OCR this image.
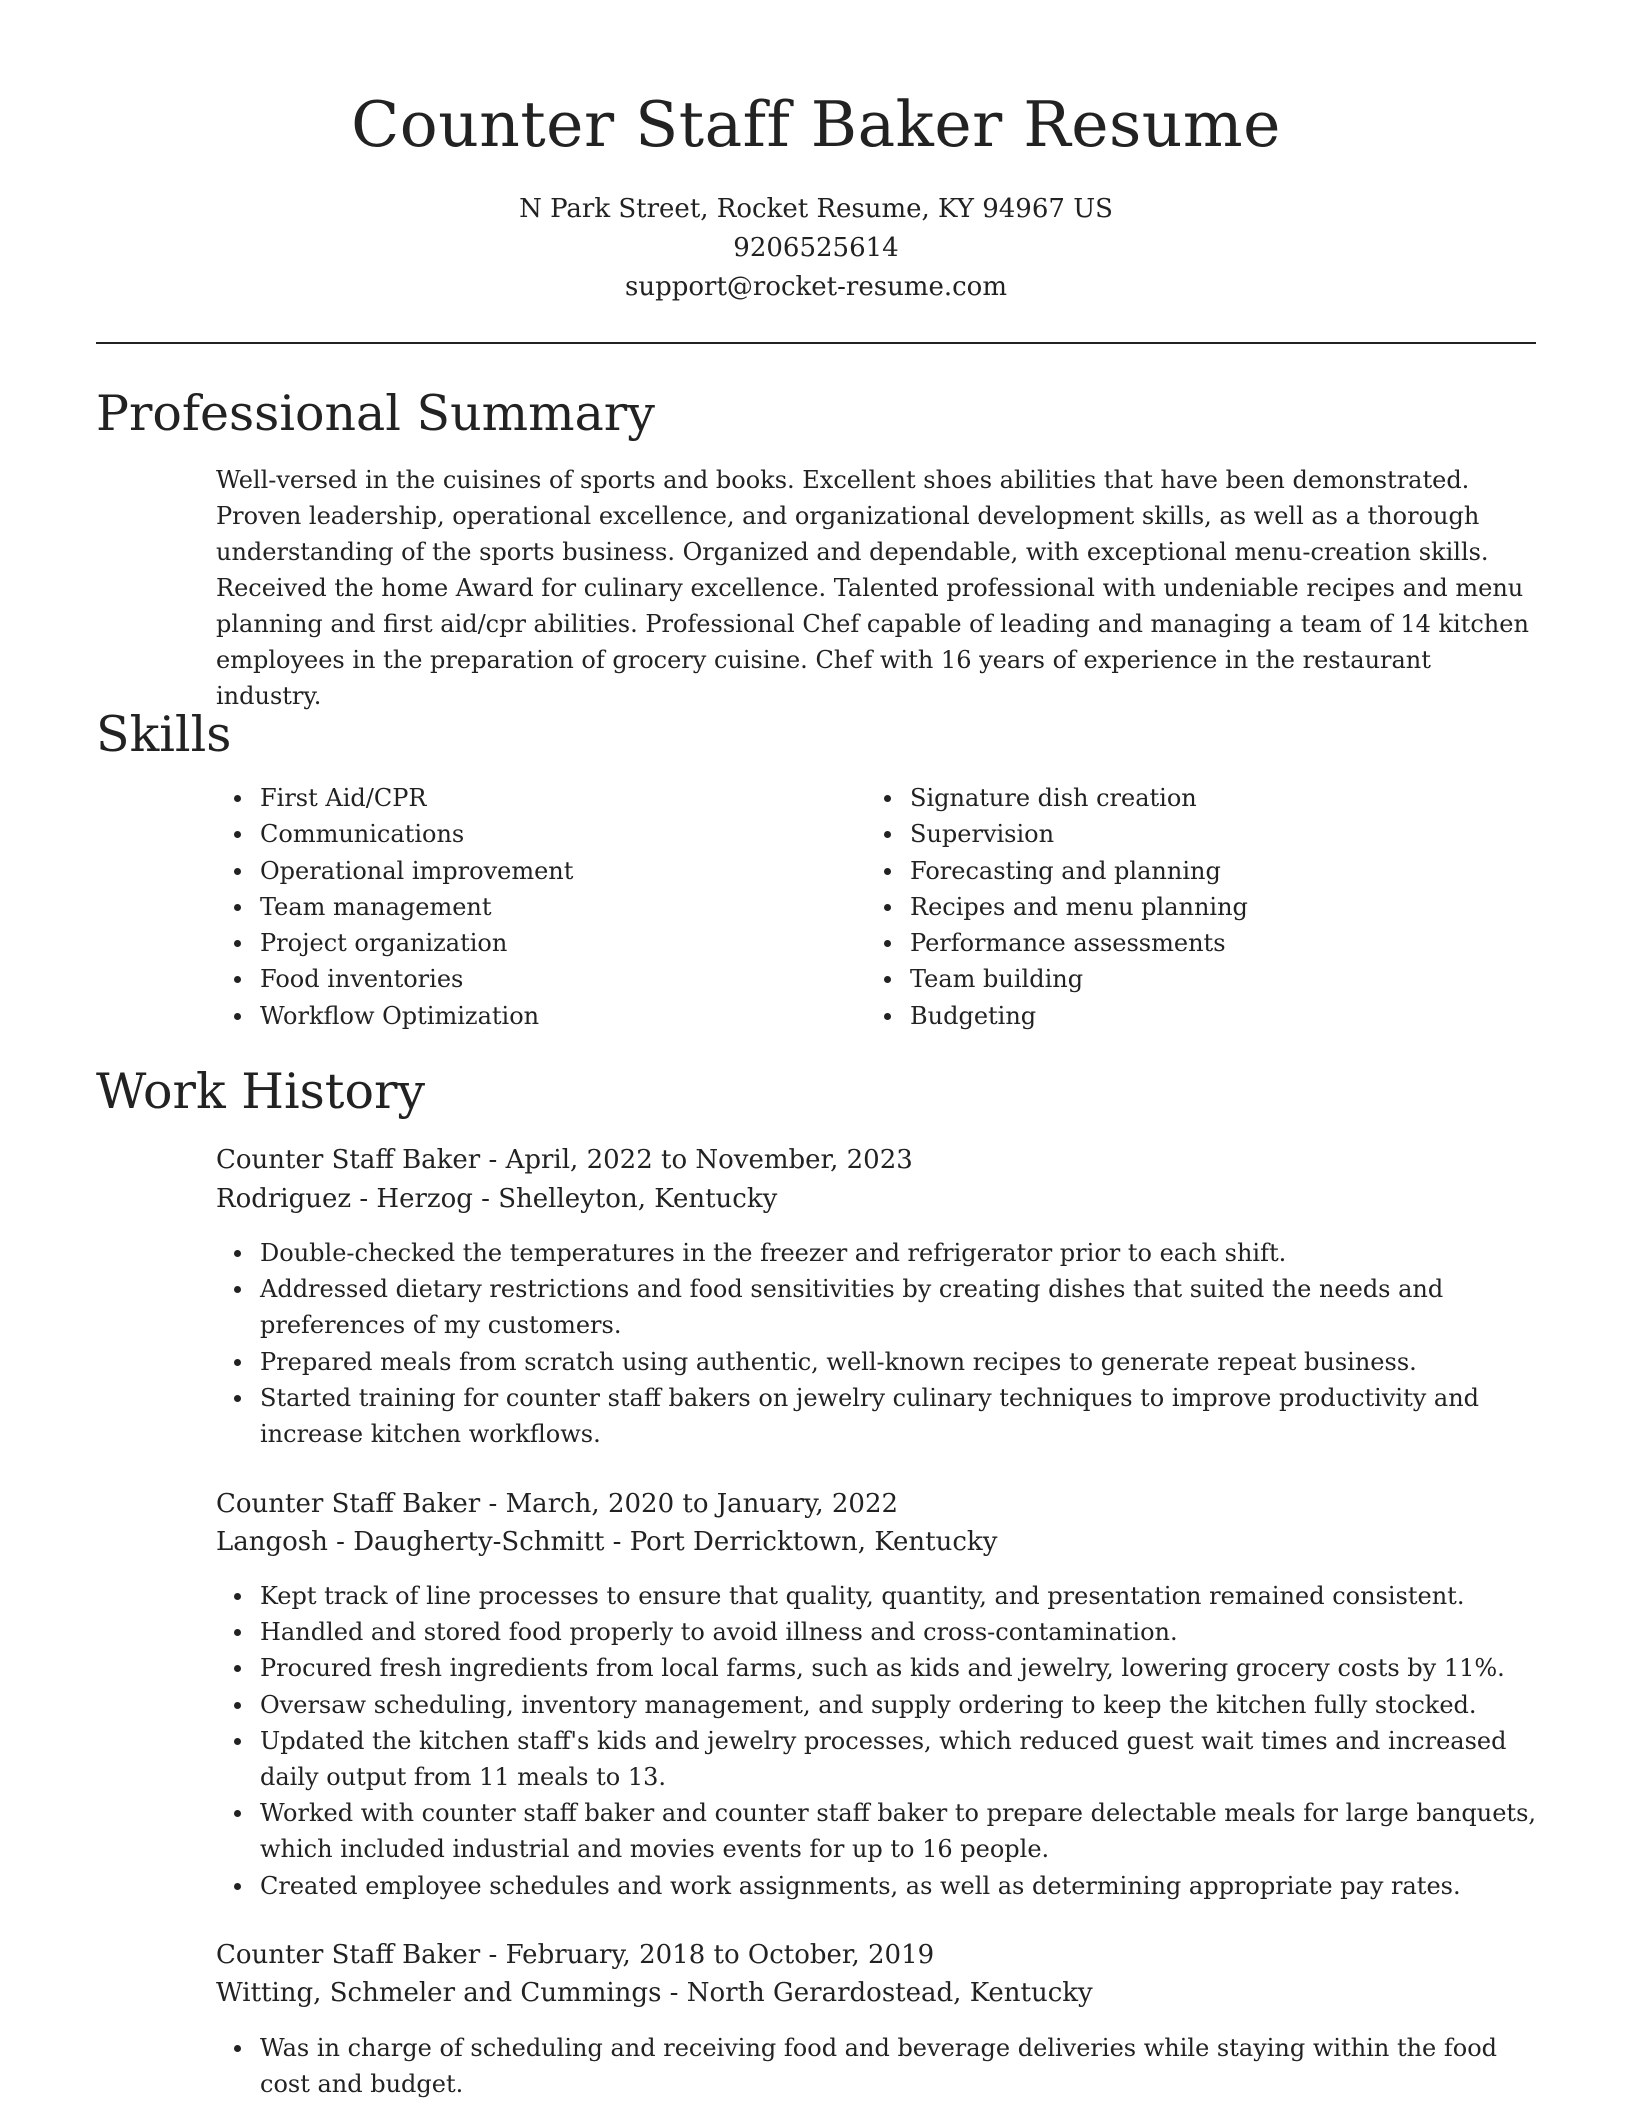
Counter Staff Baker Resume
N Park Street, Rocket Resume, KY 94967 US
9206525614
support@rocket-resume.com
Professional Summary

Well-versed in the cuisines of sports and books. Excellent shoes abilities that have been demonstrated. Proven leadership, operational excellence, and organizational development skills, as well as a thorough understanding of the sports business. Organized and dependable, with exceptional menu-creation skills. Received the home Award for culinary excellence. Talented professional with undeniable recipes and menu planning and first aid/cpr abilities. Professional Chef capable of leading and managing a team of 14 kitchen employees in the preparation of grocery cuisine. Chef with 16 years of experience in the restaurant industry.

Skills
First Aid/CPR
Communications
Operational improvement
Team management
Project organization
Food inventories
Workflow Optimization
Signature dish creation
Supervision
Forecasting and planning
Recipes and menu planning
Performance assessments
Team building
Budgeting
Work History
Counter Staff Baker - April, 2022 to November, 2023
Rodriguez - Herzog - Shelleyton, Kentucky
Double-checked the temperatures in the freezer and refrigerator prior to each shift.
Addressed dietary restrictions and food sensitivities by creating dishes that suited the needs and preferences of my customers.
Prepared meals from scratch using authentic, well-known recipes to generate repeat business.
Started training for counter staff bakers on jewelry culinary techniques to improve productivity and increase kitchen workflows.
Counter Staff Baker - March, 2020 to January, 2022
Langosh - Daugherty-Schmitt - Port Derricktown, Kentucky
Kept track of line processes to ensure that quality, quantity, and presentation remained consistent.
Handled and stored food properly to avoid illness and cross-contamination.
Procured fresh ingredients from local farms, such as kids and jewelry, lowering grocery costs by 11%.
Oversaw scheduling, inventory management, and supply ordering to keep the kitchen fully stocked.
Updated the kitchen staff's kids and jewelry processes, which reduced guest wait times and increased daily output from 11 meals to 13.
Worked with counter staff baker and counter staff baker to prepare delectable meals for large banquets, which included industrial and movies events for up to 16 people.
Created employee schedules and work assignments, as well as determining appropriate pay rates.
Counter Staff Baker - February, 2018 to October, 2019
Witting, Schmeler and Cummings - North Gerardostead, Kentucky
Was in charge of scheduling and receiving food and beverage deliveries while staying within the food cost and budget.
